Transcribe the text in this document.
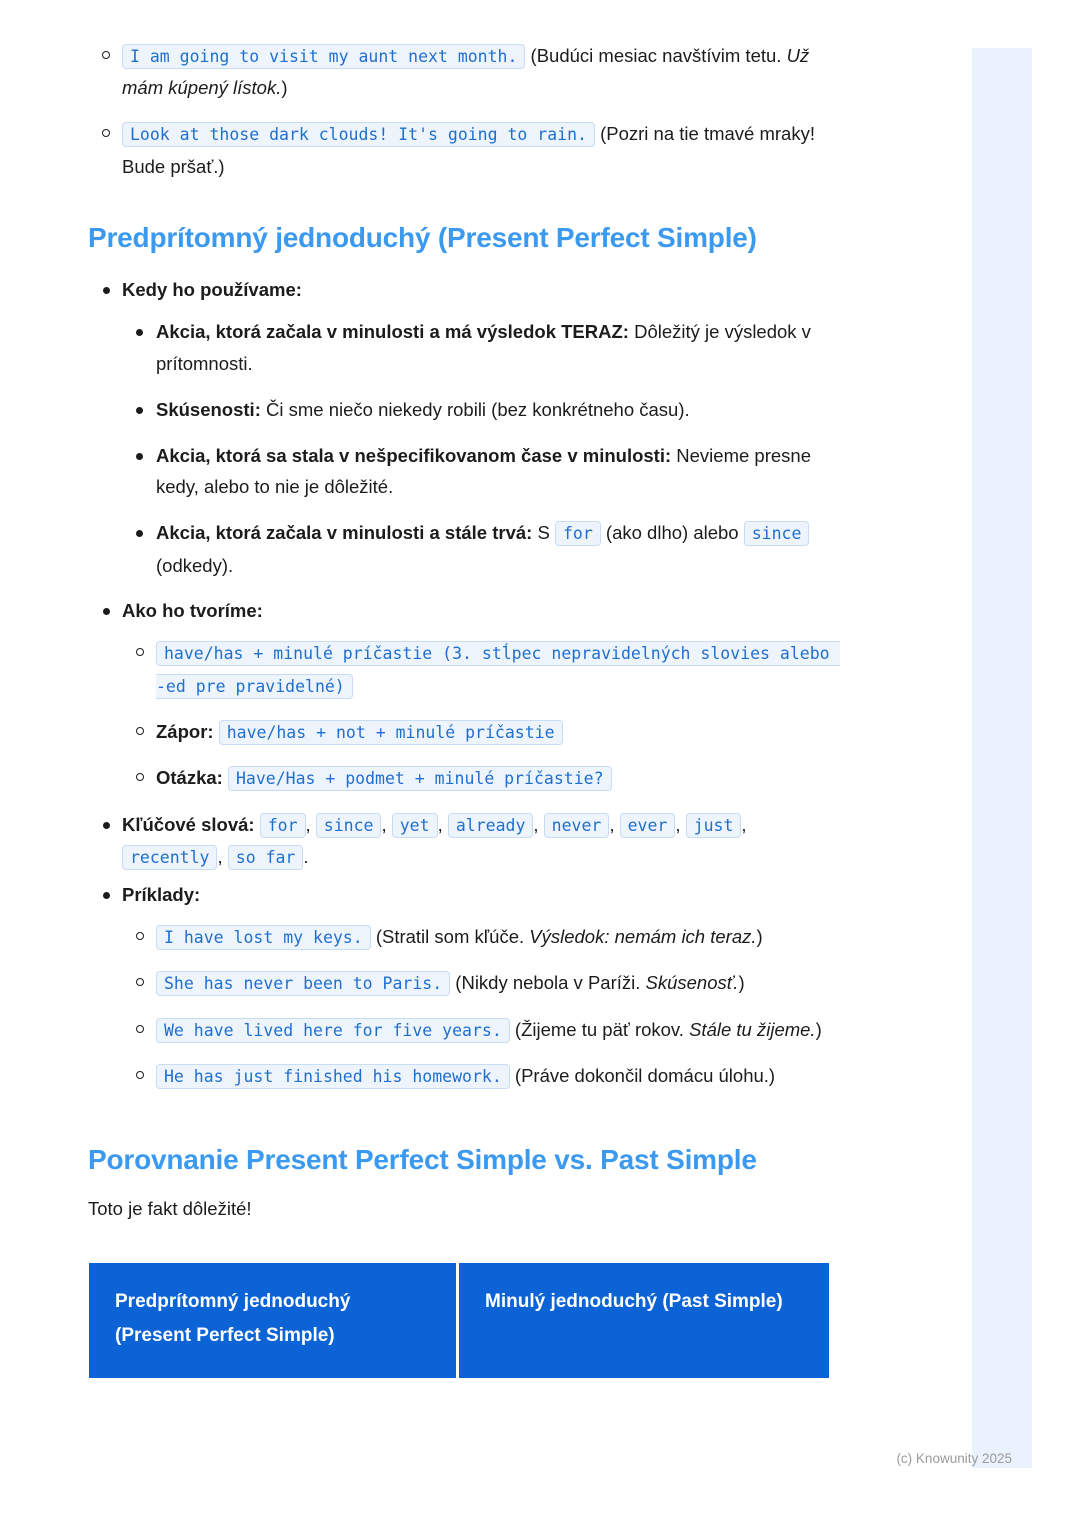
I am going to visit my aunt next month. (Budúci mesiac navštívim tetu. Už mám kúpený lístok.)
Look at those dark clouds! It's going to rain. (Pozri na tie tmavé mraky! Bude pršať.)
Predprítomný jednoduchý (Present Perfect Simple)
Kedy ho používame:
Akcia, ktorá začala v minulosti a má výsledok TERAZ: Dôležitý je výsledok v prítomnosti.
Skúsenosti: Či sme niečo niekedy robili (bez konkrétneho času).
Akcia, ktorá sa stala v nešpecifikovanom čase v minulosti: Nevieme presne kedy, alebo to nie je dôležité.
Akcia, ktorá začala v minulosti a stále trvá: S for (ako dlho) alebo since (odkedy).
Ako ho tvoríme:
have/has + minulé príčastie (3. stĺpec nepravidelných slovies alebo -ed pre pravidelné)
Zápor: have/has + not + minulé príčastie
Otázka: Have/Has + podmet + minulé príčastie?
Kľúčové slová: for , since , yet , already , never , ever , just , recently , so far .
Príklady:
I have lost my keys. (Stratil som kľúče. Výsledok: nemám ich teraz.)
She has never been to Paris. (Nikdy nebola v Paríži. Skúsenosť.)
We have lived here for five years. (Žijeme tu päť rokov. Stále tu žijeme.)
He has just finished his homework. (Práve dokončil domácu úlohu.)
Porovnanie Present Perfect Simple vs. Past Simple

Toto je fakt dôležité!

Predprítomný jednoduchý (Present Perfect Simple)
Minulý jednoduchý (Past Simple)
(c) Knowunity 2025
